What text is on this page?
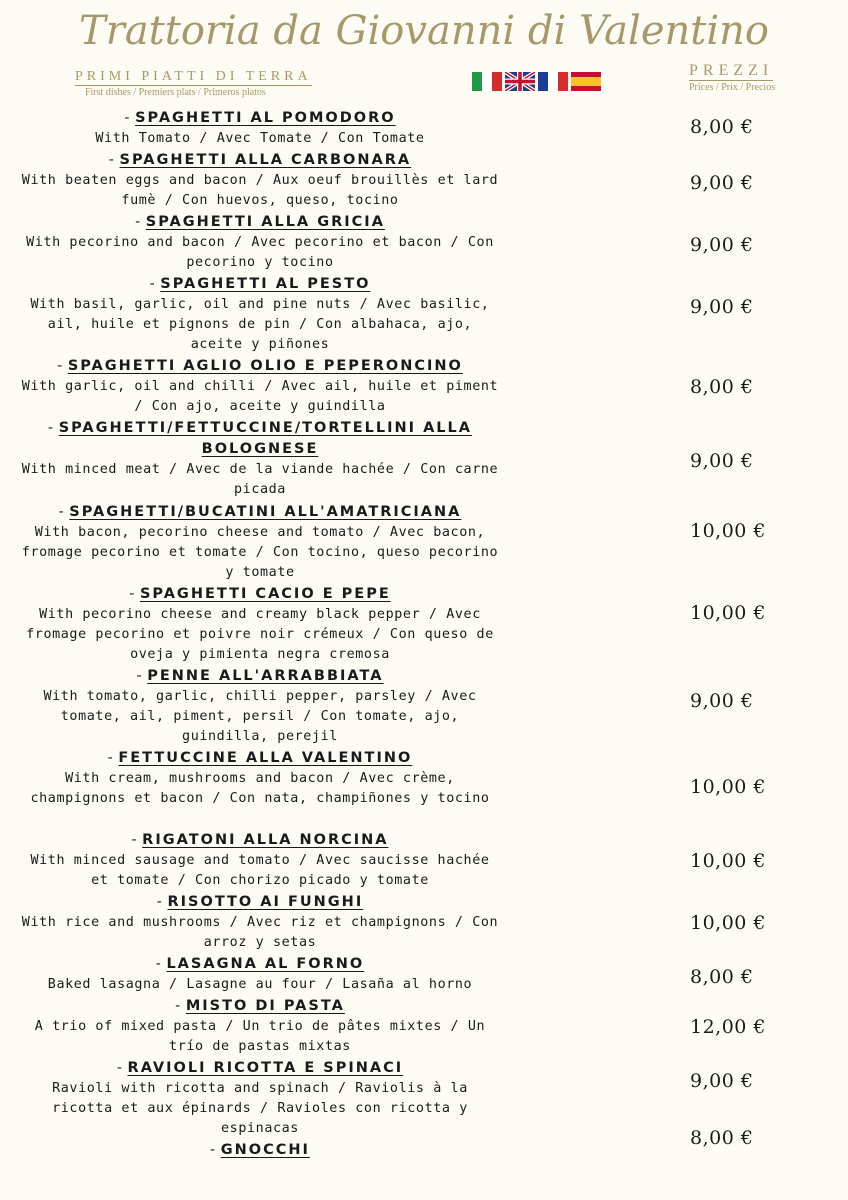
Trattoria da Giovanni di Valentino
PRIMI PIATTI DI TERRA
First dishes / Premiers plats / Primeros platos
PREZZI
Prices / Prix / Precios
- SPAGHETTI AL POMODORO
With Tomato / Avec Tomate / Con Tomate
8,00 €
- SPAGHETTI ALLA CARBONARA
With beaten eggs and bacon / Aux oeuf brouillès et lard fumè / Con huevos, queso, tocino
9,00 €
- SPAGHETTI ALLA GRICIA
With pecorino and bacon / Avec pecorino et bacon / Con pecorino y tocino
9,00 €
- SPAGHETTI AL PESTO
With basil, garlic, oil and pine nuts / Avec basilic, ail, huile et pignons de pin / Con albahaca, ajo, aceite y piñones
9,00 €
- SPAGHETTI AGLIO OLIO E PEPERONCINO
With garlic, oil and chilli / Avec ail, huile et piment / Con ajo, aceite y guindilla
8,00 €
- SPAGHETTI/FETTUCCINE/TORTELLINI ALLA BOLOGNESE
With minced meat / Avec de la viande hachée / Con carne picada
9,00 €
- SPAGHETTI/BUCATINI ALL'AMATRICIANA
With bacon, pecorino cheese and tomato / Avec bacon, fromage pecorino et tomate / Con tocino, queso pecorino y tomate
10,00 €
- SPAGHETTI CACIO E PEPE
With pecorino cheese and creamy black pepper / Avec fromage pecorino et poivre noir crémeux / Con queso de oveja y pimienta negra cremosa
10,00 €
- PENNE ALL'ARRABBIATA
With tomato, garlic, chilli pepper, parsley / Avec tomate, ail, piment, persil / Con tomate, ajo, guindilla, perejil
9,00 €
- FETTUCCINE ALLA VALENTINO
With cream, mushrooms and bacon / Avec crème, champignons et bacon / Con nata, champiñones y tocino
10,00 €
- RIGATONI ALLA NORCINA
With minced sausage and tomato / Avec saucisse hachée et tomate / Con chorizo picado y tomate
10,00 €
- RISOTTO AI FUNGHI
With rice and mushrooms / Avec riz et champignons / Con arroz y setas
10,00 €
- LASAGNA AL FORNO
Baked lasagna / Lasagne au four / Lasaña al horno	8,00 €
- MISTO DI PASTA
A trio of mixed pasta / Un trio de pâtes mixtes / Un trío de pastas mixtas
12,00 €
- RAVIOLI RICOTTA E SPINACI
Ravioli with ricotta and spinach / Raviolis à la ricotta et aux épinards / Ravioles con ricotta y espinacas
9,00 €
- GNOCCHI
8,00 €
